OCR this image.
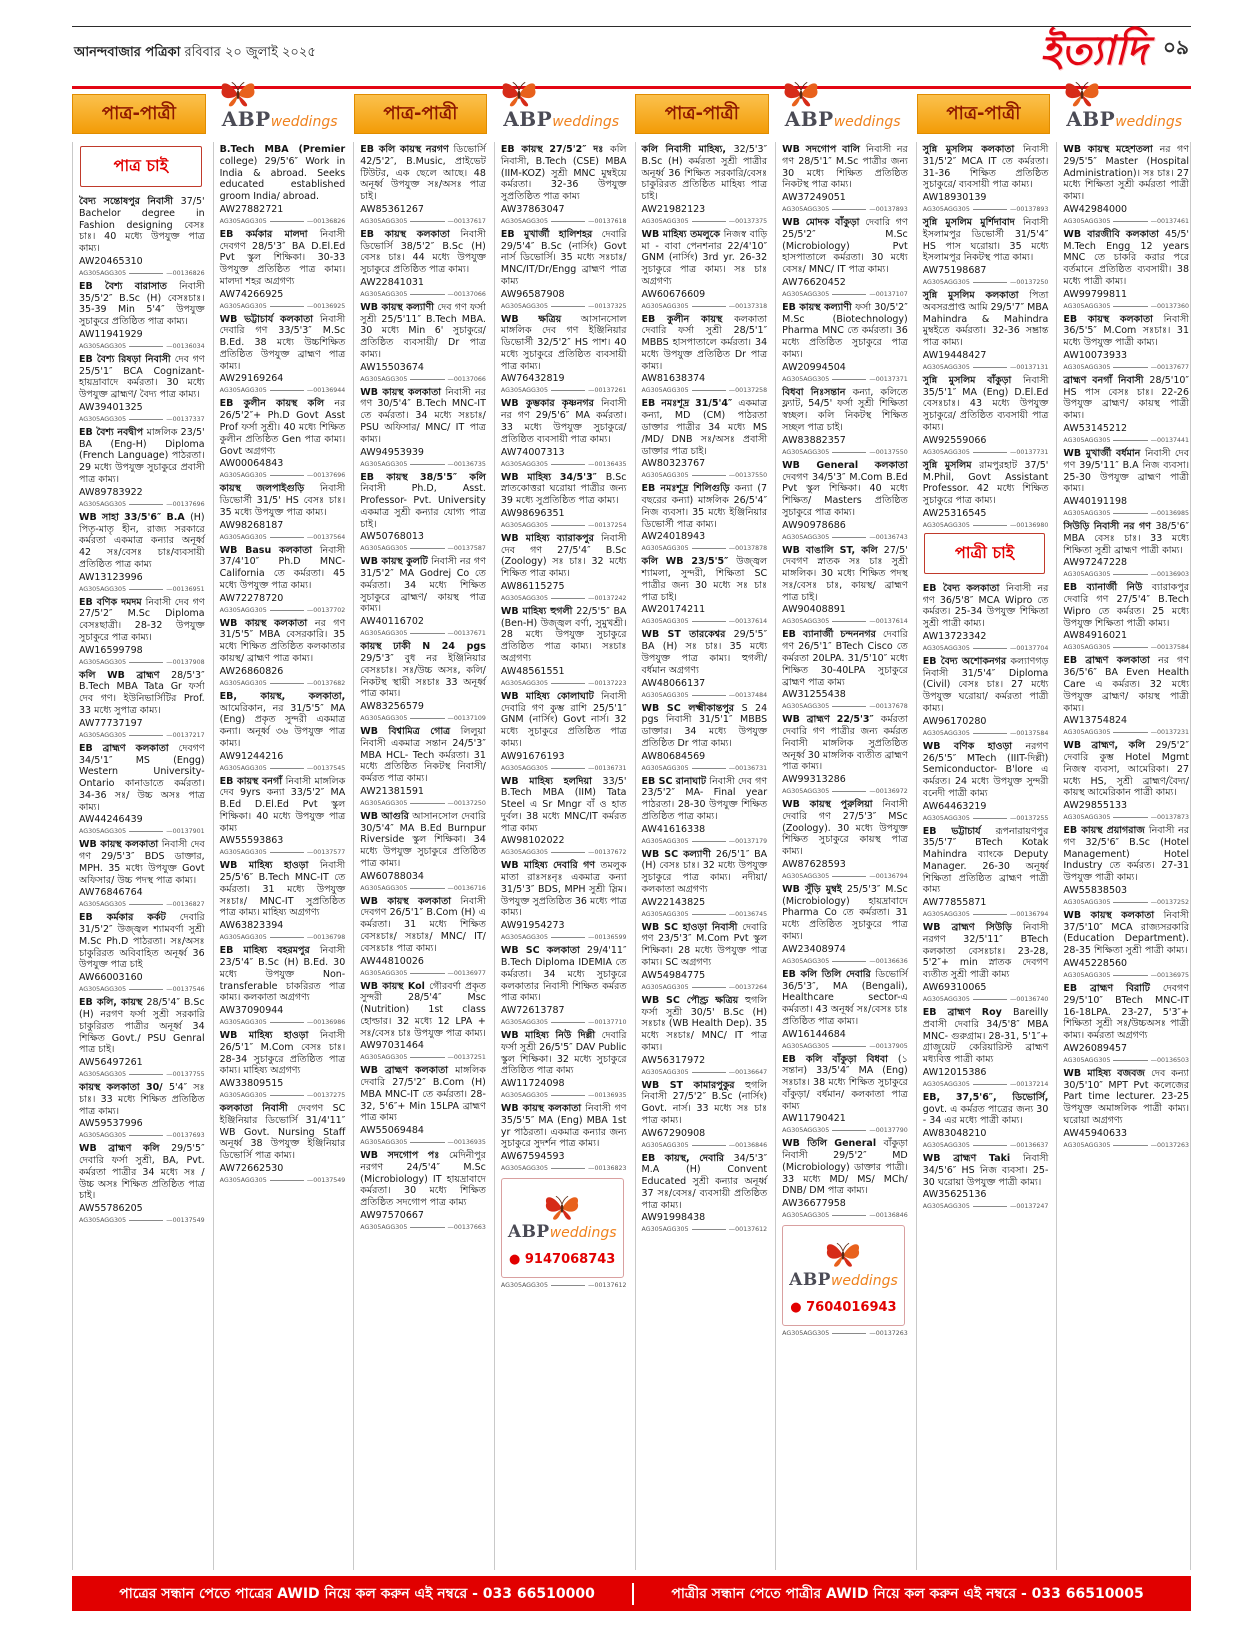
আনন্দবাজার পত্রিকা রবিবার ২০ জুলাই ২০২৫	ইত্যাদি ০৯
পাত্র-পাত্রী	ABPweddings	পাত্র-পাত্রী	ABPweddings	পাত্র-পাত্রী	ABPweddings	পাত্র-পাত্রী	ABPweddings
পাত্র চাই

বৈদ্য সন্তোষপুর নিবাসী 37/5' Bachelor degree in Fashion designing বেসঃ চাঃ। 40 মধ্যে উপযুক্ত পাত্র কাম্য।

AW20465310
AG305AGG305	—00136826

EB বৈশ্য বারাসাত নিবাসী 35/5'2″ B.Sc (H) বেসঃচাঃ। 35-39 Min 5'4″ উপযুক্ত সুচাকুরে প্রতিষ্ঠিত পাত্র কাম্য।

AW11941929
AG305AGG305	—00136034

EB বৈশ্য রিষড়া নিবাসী দেব গণ 25/5'1″ BCA Cognizant- হায়দ্রাবাদে কর্মরতা। 30 মধ্যে উপযুক্ত ব্রাহ্মণ/ বৈদ্য পাত্র কাম্য।

AW39401325
AG305AGG305	—00137337

EB বৈশ্য নবদ্বীপ মাঙ্গলিক 23/5' BA (Eng-H) Diploma (French Language) পাঠরতা। 29 মধ্যে উপযুক্ত সুচাকুরে প্রবাসী পাত্র কাম্য।

AW89783922
AG305AGG305	—00137696

WB সাহা 33/5'6″ B.A (H) পিতৃ-মাতৃ হীন, রাজ্য সরকারে কর্মরতা একমাত্র কন্যার অনূর্ধ্ব 42 সঃ/বেসঃ চাঃ/ব্যবসায়ী প্রতিষ্ঠিত পাত্র কাম্য

AW13123996
AG305AGG305	—00136951

EB বণিক দমদম নিবাসী দেব গণ 27/5'2″ M.Sc Diploma বেসঃছাত্রী। 28-32 উপযুক্ত সুচাকুরে পাত্র কাম্য।

AW16599798
AG305AGG305	—00137908

কলি WB ব্রাহ্মণ 28/5'3″ B.Tech MBA Tata Gr ফর্সা দেব গণ। ইউনিভার্সিটির Prof. 33 মধ্যে সুপাত্র কাম্য।

AW77737197
AG305AGG305	—00137217

EB ব্রাহ্মণ কলকাতা দেবগণ 34/5'1″ MS (Engg) Western University- Ontario কানাডাতে কর্মরতা। 34-36 সঃ/ উচ্চ অসঃ পাত্র কাম্য।

AW44246439
AG305AGG305	—00137901

WB কায়স্থ কলকাতা নিবাসী দেব গণ 29/5'3″ BDS ডাক্তার, MPH. 35 মধ্যে উপযুক্ত Govt অফিসার/ উচ্চ পদস্থ পাত্র কাম্য।

AW76846764
AG305AGG305	—00136827

EB কর্মকার কর্কট দেবারি 31/5'2″ উজ্জ্বল শ্যামবর্ণা সুশ্রী M.Sc Ph.D পাঠরতা। সঃ/অসঃ চাকুরিরত অবিবাহিত অনূর্ধ্ব 36 উপযুক্ত পাত্র চাই

AW66003160
AG305AGG305	—00137546

EB কলি, কায়স্থ 28/5'4″ B.Sc (H) নরগণ ফর্সা সুশ্রী সরকারি চাকুরিরত পাত্রীর অনূর্ধ্ব 34 শিক্ষিত Govt./ PSU Genral পাত্র চাই।

AW56497261
AG305AGG305	—00137755

কায়স্থ কলকাতা 30/ 5'4″ সঃ চাঃ। 33 মধ্যে শিক্ষিত প্রতিষ্ঠিত পাত্র কাম্য।

AW59537996
AG305AGG305	—00137693

WB ব্রাহ্মণ কলি 29/5'5″ দেবারি ফর্সা সুশ্রী, BA, Pvt. কর্মরতা পাত্রীর 34 মধ্যে সঃ / উচ্চ অসঃ শিক্ষিত প্রতিষ্ঠিত পাত্র চাই।

AW55786205
AG305AGG305	—00137549

B.Tech MBA (Premier college) 29/5'6″ Work in India & abroad. Seeks educated established groom India/ abroad.

AW27882721
AG305AGG305	—00136826

EB কর্মকার মালদা নিবাসী দেবগণ 28/5'3″ BA D.El.Ed Pvt স্কুল শিক্ষিকা। 30-33 উপযুক্ত প্রতিষ্ঠিত পাত্র কাম্য। মালদা শহর অগ্রগণ্য

AW74266925
AG305AGG305	—00136925

WB ভট্টাচার্য কলকাতা নিবাসী দেবারি গণ 33/5'3″ M.Sc B.Ed. 38 মধ্যে উচ্চশিক্ষিত প্রতিষ্ঠিত উপযুক্ত ব্রাহ্মণ পাত্র কাম্য।

AW29169264
AG305AGG305	—00136944

EB কুলীন কায়স্থ কলি নর 26/5'2″+ Ph.D Govt Asst Prof ফর্সা সুশ্রী। 40 মধ্যে শিক্ষিত কুলীন প্রতিষ্ঠিত Gen পাত্র কাম্য। Govt অগ্রগণ্য

AW00064843
AG305AGG305	—00137696

কায়স্থ জলপাইগুড়ি নিবাসী ডিভোর্সী 31/5' HS বেসঃ চাঃ। 35 মধ্যে উপযুক্ত পাত্র কাম্য।

AW98268187
AG305AGG305	—00137564

WB Basu কলকাতা নিবাসী 37/4'10″ Ph.D MNC- California তে কর্মরতা। 45 মধ্যে উপযুক্ত পাত্র কাম্য।

AW72278720
AG305AGG305	—00137702

WB কায়স্থ কলকাতা নর গণ 31/5'5″ MBA বেসরকারি। 35 মধ্যে শিক্ষিত প্রতিষ্ঠিত কলকাতার কায়স্থ/ ব্রাহ্মণ পাত্র কাম্য।

AW26860826
AG305AGG305	—00137682

EB, কায়স্থ, কলকাতা, আমেরিকান, নর 31/5'5″ MA (Eng) প্রকৃত সুন্দরী একমাত্র কন্যা। অনূর্ধ্ব ৩৬ উপযুক্ত পাত্র কাম্য।

AW91244216
AG305AGG305	—00137545

EB কায়স্থ বনগাঁ নিবাসী মাঙ্গলিক দেব 9yrs কন্যা 33/5'2″ MA B.Ed D.El.Ed Pvt স্কুল শিক্ষিকা। 40 মধ্যে উপযুক্ত পাত্র কাম্য

AW55593863
AG305AGG305	—00137577

WB মাহিষ্য হাওড়া নিবাসী 25/5'6″ B.Tech MNC-IT তে কর্মরতা। 31 মধ্যে উপযুক্ত সঃচাঃ/ MNC-IT সুপ্রতিষ্ঠিত পাত্র কাম্য। মাহিষ্য অগ্রগণ্য

AW63823394
AG305AGG305	—00136798

EB মাহিষ্য বহরমপুর নিবাসী 23/5'4″ B.Sc (H) B.Ed. 30 মধ্যে উপযুক্ত Non-transferable চাকরিরত পাত্র কাম্য। কলকাতা অগ্রগণ্য

AW37090944
AG305AGG305	—00136986

WB মাহিষ্য হাওড়া নিবাসী 26/5'1″ M.Com বেসঃ চাঃ। 28-34 সুচাকুরে প্রতিষ্ঠিত পাত্র কাম্য। মাহিষ্য অগ্রগণ্য

AW33809515
AG305AGG305	—00137275

কলকাতা নিবাসী দেবগণ SC ইঞ্জিনিয়ার ডিভোর্সি 31/4'11″ WB Govt. Nursing Staff অনূর্ধ্ব 38 উপযুক্ত ইঞ্জিনিয়ার ডিভোর্সি পাত্র কাম্য।

AW72662530
AG305AGG305	—00137549

EB কলি কায়স্থ নরগণ ডিভোর্সি 42/5'2″, B.Music, প্রাইভেট টিউটর, এক ছেলে আছে। 48 অনূর্ধ্ব উপযুক্ত সঃ/অসঃ পাত্র চাই।

AW85361267
AG305AGG305	—00137617

EB কায়স্থ কলকাতা নিবাসী ডিভোর্সি 38/5'2″ B.Sc (H) বেসঃ চাঃ। 44 মধ্যে উপযুক্ত সুচাকুরে প্রতিষ্ঠিত পাত্র কাম্য।

AW22841031
AG305AGG305	—00137066

WB কায়স্থ কল্যাণী দেব গণ ফর্সা সুশ্রী 25/5'11″ B.Tech MBA. 30 মধ্যে Min 6' সুচাকুরে/ প্রতিষ্ঠিত ব্যবসায়ী/ Dr পাত্র কাম্য।

AW15503674
AG305AGG305	—00137066

WB কায়স্থ কলকাতা নিবাসী নর গণ 30/5'4″ B.Tech MNC-IT তে কর্মরতা। 34 মধ্যে সঃচাঃ/ PSU অফিসার/ MNC/ IT পাত্র কাম্য।

AW94953939
AG305AGG305	—00136735

EB কায়স্থ 38/5'5″ কলি নিবাসী Ph.D, Asst. Professor- Pvt. University একমাত্র সুশ্রী কন্যার যোগ্য পাত্র চাই।

AW50768013
AG305AGG305	—00137587

WB কায়স্থ কুলটি নিবাসী নর গণ 31/5'2″ MA Godrej Co তে কর্মরতা। 34 মধ্যে শিক্ষিত সুচাকুরে ব্রাহ্মণ/ কায়স্থ পাত্র কাম্য।

AW40116702
AG305AGG305	—00137671

কায়স্থ ঢাকী N 24 pgs 29/5'3″ বুধ নর ইঞ্জিনিয়ার বেসঃচাঃ। সঃ/উচ্চ অসঃ, কলি/নিকটস্থ স্থায়ী সঃচাঃ 33 অনূর্ধ্ব পাত্র কাম্য।

AW83256579
AG305AGG305	—00137109

WB বিশ্বামিত্র গোত্র লিলুয়া নিবাসী একমাত্র সন্তান 24/5'3″ MBA HCL- Tech কর্মরতা। 31 মধ্যে প্রতিষ্ঠিত নিকটস্থ নিবাসী/ কর্মরত পাত্র কাম্য।

AW21381591
AG305AGG305	—00137250

WB আগুরি আসানসোল দেবারি 30/5'4″ MA B.Ed Burnpur Riverside স্কুল শিক্ষিকা। 34 মধ্যে উপযুক্ত সুচাকুরে প্রতিষ্ঠিত পাত্র কাম্য।

AW60788034
AG305AGG305	—00136716

WB কায়স্থ কলকাতা নিবাসী দেবগণ 26/5'1″ B.Com (H) এ কর্মরতা। 31 মধ্যে শিক্ষিত বেসঃচাঃ/ সঃচাঃ/ MNC/ IT/ বেসঃচাঃ পাত্র কাম্য।

AW44810026
AG305AGG305	—00136977

WB কায়স্থ Kol গৌরবর্ণা প্রকৃত সুন্দরী 28/5'4″ Msc (Nutrition) 1st class হোল্ডার। 32 মধ্যে 12 LPA + সঃ/বেসঃ চাঃ উপযুক্ত পাত্র কাম্য।

AW97031464
AG305AGG305	—00137251

WB ব্রাহ্মণ কলকাতা মাঙ্গলিক দেবারি 27/5'2″ B.Com (H) MBA MNC-IT তে কর্মরতা। 28-32, 5'6″+ Min 15LPA ব্রাহ্মণ পাত্র কাম্য

AW55069484
AG305AGG305	—00136935

WB সদগোপ পঃ মেদিনীপুর নরগণ 24/5'4″ M.Sc (Microbiology) IT হায়দ্রাবাদে কর্মরতা। 30 মধ্যে শিক্ষিত প্রতিষ্ঠিত সদগোপ পাত্র কাম্য

AW97570667
AG305AGG305	—00137663

EB কায়স্থ 27/5'2″ দঃ কলি নিবাসী, B.Tech (CSE) MBA (IIM-KOZ) সুশ্রী MNC মুম্বইয়ে কর্মরতা। 32-36 উপযুক্ত সুপ্রতিষ্ঠিত পাত্র কাম্য

AW37863047
AG305AGG305	—00137618

EB মুখার্জী হালিশহর দেবারি 29/5'4″ B.Sc (নার্সিং) Govt নার্স ডিভোর্সি। 35 মধ্যে সঃচাঃ/ MNC/IT/Dr/Engg ব্রাহ্মণ পাত্র কাম্য

AW96587908
AG305AGG305	—00137325

WB ক্ষত্রিয় আসানসোল মাঙ্গলিক দেব গণ ইঞ্জিনিয়ার ডিভোর্সী 32/5'2″ HS পাশ। 40 মধ্যে সুচাকুরে প্রতিষ্ঠিত ব্যবসায়ী পাত্র কাম্য।

AW76432819
AG305AGG305	—00137261

WB কুম্ভকার কৃষ্ণনগর নিবাসী নর গণ 29/5'6″ MA কর্মরতা। 33 মধ্যে উপযুক্ত সুচাকুরে/ প্রতিষ্ঠিত ব্যবসায়ী পাত্র কাম্য।

AW74007313
AG305AGG305	—00136435

WB মাহিষ্য 34/5'3″ B.Sc স্নাতকোত্তরা ঘরোয়া পাত্রীর জন্য 39 মধ্যে সুপ্রতিষ্ঠিত পাত্র কাম্য।

AW98696351
AG305AGG305	—00137254

WB মাহিষ্য ব্যারাকপুর নিবাসী দেব গণ 27/5'4″ B.Sc (Zoology) সঃ চাঃ। 32 মধ্যে শিক্ষিত পাত্র কাম্য।

AW86115275
AG305AGG305	—00137242

WB মাহিষ্য হুগলী 22/5'5″ BA (Ben-H) উজ্জ্বল বর্ণা, সুমুখশ্রী। 28 মধ্যে উপযুক্ত সুচাকুরে প্রতিষ্ঠিত পাত্র কাম্য। সঃচাঃ অগ্রগণ্য

AW48561551
AG305AGG305	—00137223

WB মাহিষ্য কোলাঘাট নিবাসী দেবারি গণ কুম্ভ রাশি 25/5'1″ GNM (নার্সিং) Govt নার্স। 32 মধ্যে সুচাকুরে প্রতিষ্ঠিত পাত্র কাম্য।

AW91676193
AG305AGG305	—00136731

WB মাহিষ্য হলদিয়া 33/5' B.Tech MBA (IIM) Tata Steel এ Sr Mngr বাঁ ও হাত দুর্বল। 38 মধ্যে MNC/IT কর্মরত পাত্র কাম্য

AW98102022
AG305AGG305	—00137672

WB মাহিষ্য দেবারি গণ তমলুক মাতা রাঃসঃনৃঃ একমাত্র কন্যা 31/5'3″ BDS, MPH সুশ্রী স্লিম। উপযুক্ত সুপ্রতিষ্ঠিত 36 মধ্যে পাত্র কাম্য।

AW91954273
AG305AGG305	—00136599

WB SC কলকাতা 29/4'11″ B.Tech Diploma IDEMIA তে কর্মরতা। 34 মধ্যে সুচাকুরে কলকাতার নিবাসী শিক্ষিত কর্মরত পাত্র কাম্য।

AW72613787
AG305AGG305	—00137710

WB মাহিষ্য নিউ দিল্লী দেবারি ফর্সা সুশ্রী 26/5'5″ DAV Public স্কুল শিক্ষিকা। 32 মধ্যে সুচাকুরে প্রতিষ্ঠিত পাত্র কাম্য

AW11724098
AG305AGG305	—00136935

WB কায়স্থ কলকাতা নিবাসী গণ 35/5'5″ MA (Eng) MBA 1st yr পাঠরতা। একমাত্র কন্যার জন্য সুচাকুরে সুদর্শন পাত্র কাম্য।

AW67594593
AG305AGG305	—00136823
ABPweddings
● 9147068743
AG305AGG305	—00137612

কলি নিবাসী মাহিষ্য, 32/5'3″ B.Sc (H) কর্মরতা সুশ্রী পাত্রীর অনূর্ধ্ব 36 শিক্ষিত সরকারি/বেসঃ চাকুরিরত প্রতিষ্ঠিত মাহিষ্য পাত্র চাই।

AW21982123
AG305AGG305	—00137375

WB মাহিষ্য তমলুকে নিজস্ব বাড়ি মা - বাবা পেনশনার 22/4'10″ GNM (নার্সিং) 3rd yr. 26-32 সুচাকুরে পাত্র কাম্য। সঃ চাঃ অগ্রগণ্য

AW60676609
AG305AGG305	—00137318

EB কুলীন কায়স্থ কলকাতা দেবারি ফর্সা সুশ্রী 28/5'1″ MBBS হাসপাতালে কর্মরতা। 34 মধ্যে উপযুক্ত প্রতিষ্ঠিত Dr পাত্র কাম্য।

AW81638374
AG305AGG305	—00137258

EB নমঃশূদ্র 31/5'4″ একমাত্র কন্যা, MD (CM) পাঠরতা ডাক্তার পাত্রীর 34 মধ্যে MS /MD/ DNB সঃ/অসঃ প্রবাসী ডাক্তার পাত্র চাই।

AW80323767
AG305AGG305	—00137550

EB নমঃশূদ্র শিলিগুড়ি কন্যা (7 বছরের কন্যা) মাঙ্গলিক 26/5'4″ নিজ ব্যবসা। 35 মধ্যে ইঞ্জিনিয়ার ডিভোর্সী পাত্র কাম্য।

AW24018943
AG305AGG305	—00137878

কলি WB 23/5'5″ উজ্জ্বল শ্যামলা, সুন্দরী, শিক্ষিতা SC পাত্রীর জন্য 30 মধ্যে সঃ চাঃ পাত্র চাই।

AW20174211
AG305AGG305	—00137614

WB ST তারকেশ্বর 29/5'5″ BA (H) সঃ চাঃ। 35 মধ্যে উপযুক্ত পাত্র কাম্য। হুগলী/ বর্ধমান অগ্রগণ্য

AW48066137
AG305AGG305	—00137484

WB SC লক্ষ্মীকান্তপুর S 24 pgs নিবাসী 31/5'1″ MBBS ডাক্তার। 34 মধ্যে উপযুক্ত প্রতিষ্ঠিত Dr পাত্র কাম্য।

AW80684569
AG305AGG305	—00136731

EB SC রানাঘাট নিবাসী দেব গণ 23/5'2″ MA- Final year পাঠরতা। 28-30 উপযুক্ত শিক্ষিত প্রতিষ্ঠিত পাত্র কাম্য।

AW41616338
AG305AGG305	—00137179

WB SC কল্যাণী 26/5'1″ BA (H) বেসঃ চাঃ। 32 মধ্যে উপযুক্ত সুচাকুরে পাত্র কাম্য। নদীয়া/ কলকাতা অগ্রগণ্য

AW22143825
AG305AGG305	—00136745

WB SC হাওড়া নিবাসী দেবারি গণ 23/5'3″ M.Com Pvt স্কুল শিক্ষিকা। 28 মধ্যে উপযুক্ত পাত্র কাম্য। SC অগ্রগণ্য

AW54984775
AG305AGG305	—00137264

WB SC পৌণ্ড্র ক্ষত্রিয় হুগলি ফর্সা সুশ্রী 30/5' B.Sc (H) সঃচাঃ (WB Health Dep). 35 মধ্যে সঃচাঃ/ MNC/ IT পাত্র কাম্য।

AW56317972
AG305AGG305	—00136647

WB ST কামারপুকুর হুগলি নিবাসী 27/5'2″ B.Sc (নার্সিং) Govt. নার্স। 33 মধ্যে সঃ চাঃ পাত্র কাম্য।

AW67290908
AG305AGG305	—00136846

EB কায়স্থ, দেবারি 34/5'3″ M.A (H) Convent Educated সুশ্রী কন্যার অনূর্ধ্ব 37 সঃ/বেসঃ/ ব্যবসায়ী প্রতিষ্ঠিত পাত্র কাম্য।

AW91998438
AG305AGG305	—00137612

WB সদগোপ বালি নিবাসী নর গণ 28/5'1″ M.Sc পাত্রীর জন্য 30 মধ্যে শিক্ষিত প্রতিষ্ঠিত নিকটস্থ পাত্র কাম্য।

AW37249051
AG305AGG305	—00137893

WB মোদক বাঁকুড়া দেবারি গণ 25/5'2″ M.Sc (Microbiology) Pvt হাসপাতালে কর্মরতা। 30 মধ্যে বেসঃ/ MNC/ IT পাত্র কাম্য।

AW76620452
AG305AGG305	—00137107

EB কায়স্থ কল্যাণী ফর্সা 30/5'2″ M.Sc (Biotechnology) Pharma MNC তে কর্মরতা। 36 মধ্যে প্রতিষ্ঠিত সুচাকুরে পাত্র কাম্য।

AW20994504
AG305AGG305	—00137371

বিধবা নিঃসন্তান কন্যা, কলিতে ফ্ল্যাট, 54/5' ফর্সা সুশ্রী শিক্ষিতা স্বচ্ছল। কলি নিকটস্থ শিক্ষিত সচ্ছল পাত্র চাই।

AW83882357
AG305AGG305	—00137550

WB General কলকাতা দেবগণ 34/5'3″ M.Com B.Ed Pvt স্কুল শিক্ষিকা। 40 মধ্যে শিক্ষিত/ Masters প্রতিষ্ঠিত সুচাকুরে পাত্র কাম্য।

AW90978686
AG305AGG305	—00136743

WB বাঙালি ST, কলি 27/5' দেবগণ স্নাতক সঃ চাঃ সুশ্রী মাঙ্গলিক। 30 মধ্যে শিক্ষিত পদস্থ সঃ/বেসঃ চাঃ, কায়স্থ/ ব্রাহ্মণ পাত্র চাই।

AW90408891
AG305AGG305	—00137614

EB ব্যানার্জী চন্দননগর দেবারি গণ 26/5'1″ BTech Cisco তে কর্মরতা 20LPA. 31/5'10″ মধ্যে শিক্ষিত 30-40LPA সুচাকুরে ব্রাহ্মণ পাত্র কাম্য

AW31255438
AG305AGG305	—00137678

WB ব্রাহ্মণ 22/5'3″ কর্মরতা দেবারি গণ পাত্রীর জন্য কর্মরত নিবাসী মাঙ্গলিক সুপ্রতিষ্ঠিত অনূর্ধ্ব 30 মাঙ্গলিক ব্যতীত ব্রাহ্মণ পাত্র কাম্য।

AW99313286
AG305AGG305	—00136972

WB কায়স্থ পুরুলিয়া নিবাসী দেবারি গণ 27/5'3″ MSc (Zoology). 30 মধ্যে উপযুক্ত শিক্ষিত সুচাকুরে কায়স্থ পাত্র কাম্য।

AW87628593
AG305AGG305	—00136794

WB সুঁড়ি মুম্বই 25/5'3″ M.Sc (Microbiology) হায়দ্রাবাদে Pharma Co তে কর্মরতা। 31 মধ্যে প্রতিষ্ঠিত সুচাকুরে পাত্র কাম্য।

AW23408974
AG305AGG305	—00136636

EB কলি তিলি দেবারি ডিভোর্সি 36/5'3″, MA (Bengali), Healthcare sector-এ কর্মরতা। 43 অনূর্ধ্ব সঃ/বেসঃ চাঃ প্রতিষ্ঠিত পাত্র কাম্য।

AW16144684
AG305AGG305	—00137905

EB কলি বাঁকুড়া বিধবা (১ সন্তান) 33/5'4″ MA (Eng) সঃচাঃ। 38 মধ্যে শিক্ষিত সুচাকুরে বাঁকুড়া/ বর্ধমান/ কলকাতা পাত্র কাম্য

AW11790421
AG305AGG305	—00137790

WB তিলি General বাঁকুড়া নিবাসী 29/5'2″ MD (Microbiology) ডাক্তার পাত্রী। 33 মধ্যে MD/ MS/ MCh/ DNB/ DM পাত্র কাম্য।

AW36677958
AG305AGG305	—00136846
ABPweddings
● 7604016943
AG305AGG305	—00137263

সুন্নি মুসলিম কলকাতা নিবাসী 31/5'2″ MCA IT তে কর্মরতা। 31-36 শিক্ষিত প্রতিষ্ঠিত সুচাকুরে/ ব্যবসায়ী পাত্র কাম্য।

AW18930139
AG305AGG305	—00137893

সুন্নি মুসলিম মুর্শিদাবাদ নিবাসী ইসলামপুর ডিভোর্সী 31/5'4″ HS পাস ঘরোয়া। 35 মধ্যে ইসলামপুর নিকটস্থ পাত্র কাম্য।

AW75198687
AG305AGG305	—00137250

সুন্নি মুসলিম কলকাতা পিতা অবসরপ্রাপ্ত আমি 29/5'7″ MBA Mahindra & Mahindra মুম্বইতে কর্মরতা। 32-36 সম্ভ্রান্ত পাত্র কাম্য।

AW19448427
AG305AGG305	—00137131

সুন্নি মুসলিম বাঁকুড়া নিবাসী 35/5'1″ MA (Eng) D.El.Ed বেসঃচাঃ। 43 মধ্যে উপযুক্ত সুচাকুরে/ প্রতিষ্ঠিত ব্যবসায়ী পাত্র কাম্য।

AW92559066
AG305AGG305	—00137731

সুন্নি মুসলিম রামপুরহাট 37/5' M.Phil, Govt Assistant Professor. 42 মধ্যে শিক্ষিত সুচাকুরে পাত্র কাম্য।

AW25316545
AG305AGG305	—00136980
পাত্রী চাই

EB বৈদ্য কলকাতা নিবাসী নর গণ 36/5'8″ MCA Wipro তে কর্মরত। 25-34 উপযুক্ত শিক্ষিতা সুশ্রী পাত্রী কাম্য।

AW13723342
AG305AGG305	—00137704

EB বৈদ্য অশোকনগর কল্যাণগড় নিবাসী 31/5'4″ Diploma (Civil) বেসঃ চাঃ। 27 মধ্যে উপযুক্ত ঘরোয়া/ কর্মরতা পাত্রী কাম্য।

AW96170280
AG305AGG305	—00137584

WB বণিক হাওড়া নরগণ 26/5'5″ MTech (IIIT-দিল্লী) Semiconductor- B'lore এ কর্মরত। 24 মধ্যে উপযুক্ত সুন্দরী বনেদী পাত্রী কাম্য

AW64463219
AG305AGG305	—00137255

EB ভট্টাচার্য রূপনারায়ণপুর 35/5'7″ BTech Kotak Mahindra ব্যাংকে Deputy Manager. 26-30 অনূর্ধ্ব শিক্ষিতা প্রতিষ্ঠিত ব্রাহ্মণ পাত্রী কাম্য

AW77855871
AG305AGG305	—00136794

WB ব্রাহ্মণ সিউড়ি নিবাসী নরগণ 32/5'11″ BTech কলকাতা বেসঃচাঃ। 23-28, 5'2″+ min স্নাতক দেবগণ ব্যতীত সুশ্রী পাত্রী কাম্য

AW69310065
AG305AGG305	—00136740

EB ব্রাহ্মণ Roy Bareilly প্রবাসী দেবারি 34/5'8″ MBA MNC- গুরুগ্রাম। 28-31, 5'1″+ গ্রাজুয়েট কেরিয়ারিস্ট ব্রাহ্মণ মধ্যবিত্ত পাত্রী কাম্য

AW12015386
AG305AGG305	—00137214

EB, 37,5'6″, ডিভোর্সি, govt. এ কর্মরত পাত্রের জন্য 30 - 34 এর মধ্যে পাত্রী কাম্য।

AW83048210
AG305AGG305	—00136637

WB ব্রাহ্মণ Taki নিবাসী 34/5'6″ HS নিজ ব্যবসা। 25-30 ঘরোয়া উপযুক্ত পাত্রী কাম্য।

AW35625136
AG305AGG305	—00137247

WB কায়স্থ মহেশতলা নর গণ 29/5'5″ Master (Hospital Administration)। সঃ চাঃ। 27 মধ্যে শিক্ষিতা সুশ্রী কর্মরতা পাত্রী কাম্য।

AW42984000
AG305AGG305	—00137461

WB বারজীবি কলকাতা 45/5' M.Tech Engg 12 years MNC তে চাকরি করার পরে বর্তমানে প্রতিষ্ঠিত ব্যবসায়ী। 38 মধ্যে পাত্রী কাম্য।

AW99799811
AG305AGG305	—00137360

EB কায়স্থ কলকাতা নিবাসী 36/5'5″ M.Com সঃচাঃ। 31 মধ্যে উপযুক্ত পাত্রী কাম্য।

AW10073933
AG305AGG305	—00137677

ব্রাহ্মণ বনগাঁ নিবাসী 28/5'10″ HS পাস বেসঃ চাঃ। 22-26 উপযুক্ত ব্রাহ্মণ/ কায়স্থ পাত্রী কাম্য।

AW53145212
AG305AGG305	—00137441

WB মুখার্জী বর্ধমান নিবাসী দেব গণ 39/5'11″ B.A নিজ ব্যবসা। 25-30 উপযুক্ত ব্রাহ্মণ পাত্রী কাম্য।

AW40191198
AG305AGG305	—00136985

সিউড়ি নিবাসী নর গণ 38/5'6″ MBA বেসঃ চাঃ। 33 মধ্যে শিক্ষিতা সুশ্রী ব্রাহ্মণ পাত্রী কাম্য।

AW97247228
AG305AGG305	—00136903

EB ব্যানার্জী নিউ ব্যারাকপুর দেবারি গণ 27/5'4″ B.Tech Wipro তে কর্মরত। 25 মধ্যে উপযুক্ত শিক্ষিতা পাত্রী কাম্য।

AW84916021
AG305AGG305	—00137584

EB ব্রাহ্মণ কলকাতা নর গণ 36/5'6″ BA Even Health Care এ কর্মরত। 32 মধ্যে উপযুক্ত ব্রাহ্মণ/ কায়স্থ পাত্রী কাম্য।

AW13754824
AG305AGG305	—00137231

WB ব্রাহ্মণ, কলি 29/5'2″ দেবারি কুম্ভ Hotel Mgmt নিজস্ব ব্যবসা, আমেরিকা। 27 মধ্যে HS, সুশ্রী ব্রাহ্মণ/বৈদ্য/কায়স্থ আমেরিকান পাত্রী কাম্য।

AW29855133
AG305AGG305	—00137873

EB কায়স্থ প্রয়াগরাজ নিবাসী নর গণ 32/5'6″ B.Sc (Hotel Management) Hotel Industry তে কর্মরত। 27-31 উপযুক্ত পাত্রী কাম্য।

AW55838503
AG305AGG305	—00137252

WB কায়স্থ কলকাতা নিবাসী 37/5'10″ MCA রাজ্যসরকারি (Education Department). 28-35 শিক্ষিতা সুশ্রী পাত্রী কাম্য।

AW45228560
AG305AGG305	—00136975

EB ব্রাহ্মণ বিরাটি দেবগণ 29/5'10″ BTech MNC-IT 16-18LPA. 23-27, 5'3″+ শিক্ষিতা সুশ্রী সঃ/উচ্চঅসঃ পাত্রী কাম্য। কর্মরতা অগ্রগণ্য

AW26089457
AG305AGG305	—00136503

WB মাহিষ্য বজবজ দেব কন্যা 30/5'10″ MPT Pvt কলেজের Part time lecturer. 23-25 উপযুক্ত অমাঙ্গলিক পাত্রী কাম্য। ঘরোয়া অগ্রগণ্য

AW45940633
AG305AGG305	—00137263
পাত্রের সন্ধান পেতে পাত্রের AWID নিয়ে কল করুন এই নম্বরে - 033 66510000	পাত্রীর সন্ধান পেতে পাত্রীর AWID নিয়ে কল করুন এই নম্বরে - 033 66510005
